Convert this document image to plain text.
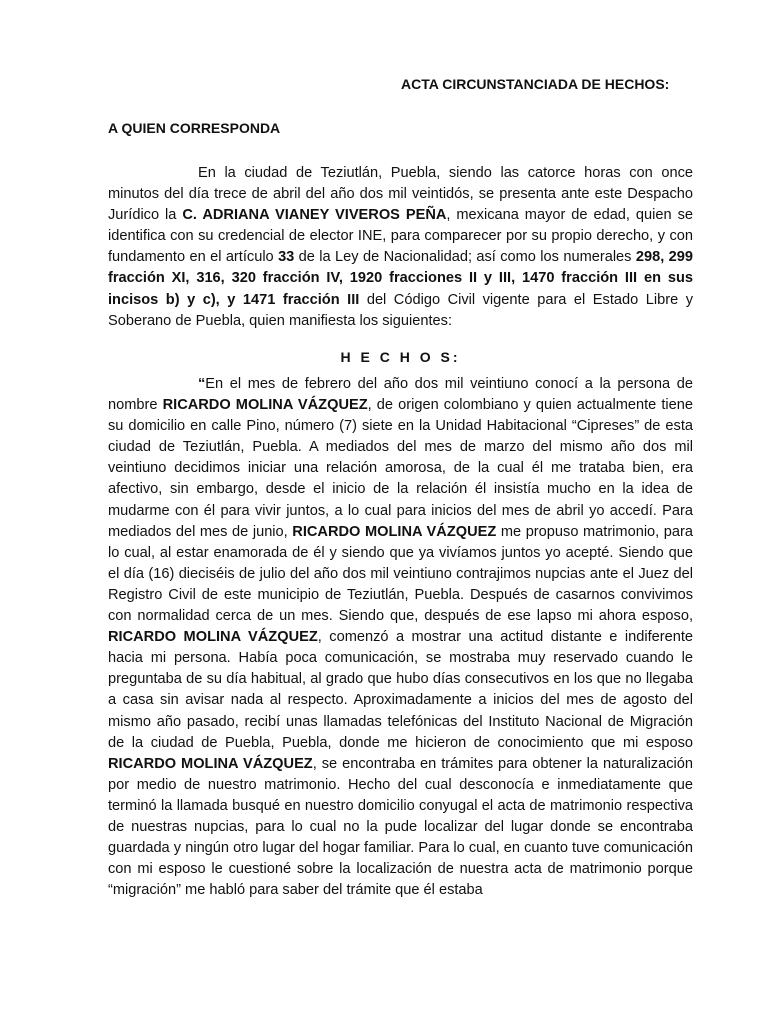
ACTA CIRCUNSTANCIADA DE HECHOS:
A QUIEN CORRESPONDA

En la ciudad de Teziutlán, Puebla, siendo las catorce horas con once minutos del día trece de abril del año dos mil veintidós, se presenta ante este Despacho Jurídico la C. ADRIANA VIANEY VIVEROS PEÑA, mexicana mayor de edad, quien se identifica con su credencial de elector INE, para comparecer por su propio derecho, y con fundamento en el artículo 33 de la Ley de Nacionalidad; así como los numerales 298, 299 fracción XI, 316, 320 fracción IV, 1920 fracciones II y III, 1470 fracción III en sus incisos b) y c), y 1471 fracción III del Código Civil vigente para el Estado Libre y Soberano de Puebla, quien manifiesta los siguientes:

H E C H O S:

“En el mes de febrero del año dos mil veintiuno conocí a la persona de nombre RICARDO MOLINA VÁZQUEZ, de origen colombiano y quien actualmente tiene su domicilio en calle Pino, número (7) siete en la Unidad Habitacional “Cipreses” de esta ciudad de Teziutlán, Puebla. A mediados del mes de marzo del mismo año dos mil veintiuno decidimos iniciar una relación amorosa, de la cual él me trataba bien, era afectivo, sin embargo, desde el inicio de la relación él insistía mucho en la idea de mudarme con él para vivir juntos, a lo cual para inicios del mes de abril yo accedí. Para mediados del mes de junio, RICARDO MOLINA VÁZQUEZ me propuso matrimonio, para lo cual, al estar enamorada de él y siendo que ya vivíamos juntos yo acepté. Siendo que el día (16) dieciséis de julio del año dos mil veintiuno contrajimos nupcias ante el Juez del Registro Civil de este municipio de Teziutlán, Puebla. Después de casarnos convivimos con normalidad cerca de un mes. Siendo que, después de ese lapso mi ahora esposo, RICARDO MOLINA VÁZQUEZ, comenzó a mostrar una actitud distante e indiferente hacia mi persona. Había poca comunicación, se mostraba muy reservado cuando le preguntaba de su día habitual, al grado que hubo días consecutivos en los que no llegaba a casa sin avisar nada al respecto. Aproximadamente a inicios del mes de agosto del mismo año pasado, recibí unas llamadas telefónicas del Instituto Nacional de Migración de la ciudad de Puebla, Puebla, donde me hicieron de conocimiento que mi esposo RICARDO MOLINA VÁZQUEZ, se encontraba en trámites para obtener la naturalización por medio de nuestro matrimonio. Hecho del cual desconocía e inmediatamente que terminó la llamada busqué en nuestro domicilio conyugal el acta de matrimonio respectiva de nuestras nupcias, para lo cual no la pude localizar del lugar donde se encontraba guardada y ningún otro lugar del hogar familiar. Para lo cual, en cuanto tuve comunicación con mi esposo le cuestioné sobre la localización de nuestra acta de matrimonio porque “migración” me habló para saber del trámite que él estaba
